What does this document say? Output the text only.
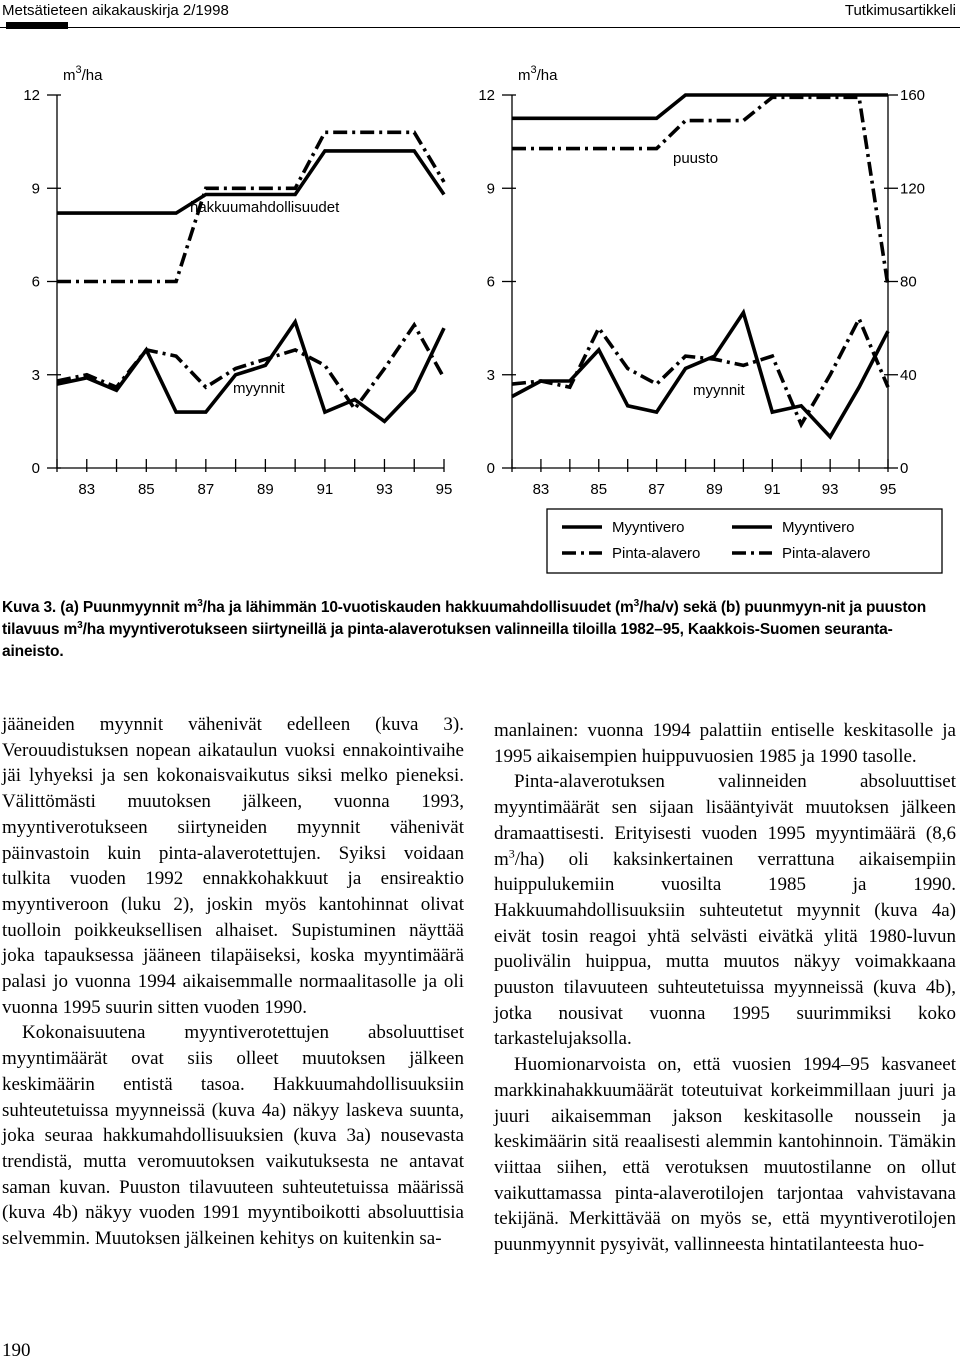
Metsätieteen aikakauskirja 2/1998	Tutkimusartikkeli
0
3
6
9
12
$m^3/ha$
83	85	87	89	91	93	95
hakkuumahdollisuudet
myynnit
0
3
6
9
12
$m^3/ha$
0
40
80
120
160
83	85	87	89	91	93	95
puusto
myynnit
Myyntivero
Pinta-alavero
Myyntivero
Pinta-alavero
Kuva 3. (a) Puunmyynnit $m^3/ha$ ja lähimmän 10-vuotiskauden hakkuumahdollisuudet $(m^3/ha/v)$ sekä (b) puunmyyn-nit ja puuston tilavuus $m^3/ha$ myyntiverotukseen siirtyneillä ja pinta-alaverotuksen valinneilla tiloilla 1982–95, Kaakkois-Suomen seuranta-aineisto.

jääneiden myynnit vähenivät edelleen (kuva 3). Verouudistuksen nopean aikataulun vuoksi ennakointivaihe jäi lyhyeksi ja sen kokonaisvaikutus siksi melko pieneksi. Välittömästi muutoksen jälkeen, vuonna 1993, myyntiverotukseen siirtyneiden myynnit vähenivät päinvastoin kuin pinta-alaverotettujen. Syiksi voidaan tulkita vuoden 1992 ennakkohakkuut ja ensireaktio myyntiveroon (luku 2), joskin myös kantohinnat olivat tuolloin poikkeuksellisen alhaiset. Supistuminen näyttää joka tapauksessa jääneen tilapäiseksi, koska myyntimäärä palasi jo vuonna 1994 aikaisemmalle normaalitasolle ja oli vuonna 1995 suurin sitten vuoden 1990.

Kokonaisuutena myyntiverotettujen absoluuttiset myyntimäärät ovat siis olleet muutoksen jälkeen keskimäärin entistä tasoa. Hakkuumahdollisuuksiin suhteutetuissa myynneissä (kuva 4a) näkyy laskeva suunta, joka seuraa hakkumahdollisuuksien (kuva 3a) nousevasta trendistä, mutta veromuutoksen vaikutuksesta ne antavat saman kuvan. Puuston tilavuuteen suhteutetuissa määrissä (kuva 4b) näkyy vuoden 1991 myyntiboikotti absoluuttisia selvemmin. Muutoksen jälkeinen kehitys on kuitenkin sa-

manlainen: vuonna 1994 palattiin entiselle keskitasolle ja 1995 aikaisempien huippuvuosien 1985 ja 1990 tasolle.

Pinta-alaverotuksen valinneiden absoluuttiset myyntimäärät sen sijaan lisääntyivät muutoksen jälkeen dramaattisesti. Erityisesti vuoden 1995 myyntimäärä (8,6 $m^3/ha$) oli kaksinkertainen verrattuna aikaisempiin huippulukemiin vuosilta 1985 ja 1990. Hakkuumahdollisuuksiin suhteutetut myynnit (kuva 4a) eivät tosin reagoi yhtä selvästi eivätkä ylitä 1980-luvun puolivälin huippua, mutta muutos näkyy voimakkaana puuston tilavuuteen suhteutetuissa myynneissä (kuva 4b), jotka nousivat vuonna 1995 suurimmiksi koko tarkastelujaksolla.

Huomionarvoista on, että vuosien 1994–95 kasvaneet markkinahakkuumäärät toteutuivat korkeimmillaan juuri ja juuri aikaisemman jakson keskitasolle noussein ja keskimäärin sitä reaalisesti alemmin kantohinnoin. Tämäkin viittaa siihen, että verotuksen muutostilanne on ollut vaikuttamassa pinta-alaverotilojen tarjontaa vahvistavana tekijänä. Merkittävää on myös se, että myyntiverotilojen puunmyynnit pysyivät, vallinneesta hintatilanteesta huo-

190
